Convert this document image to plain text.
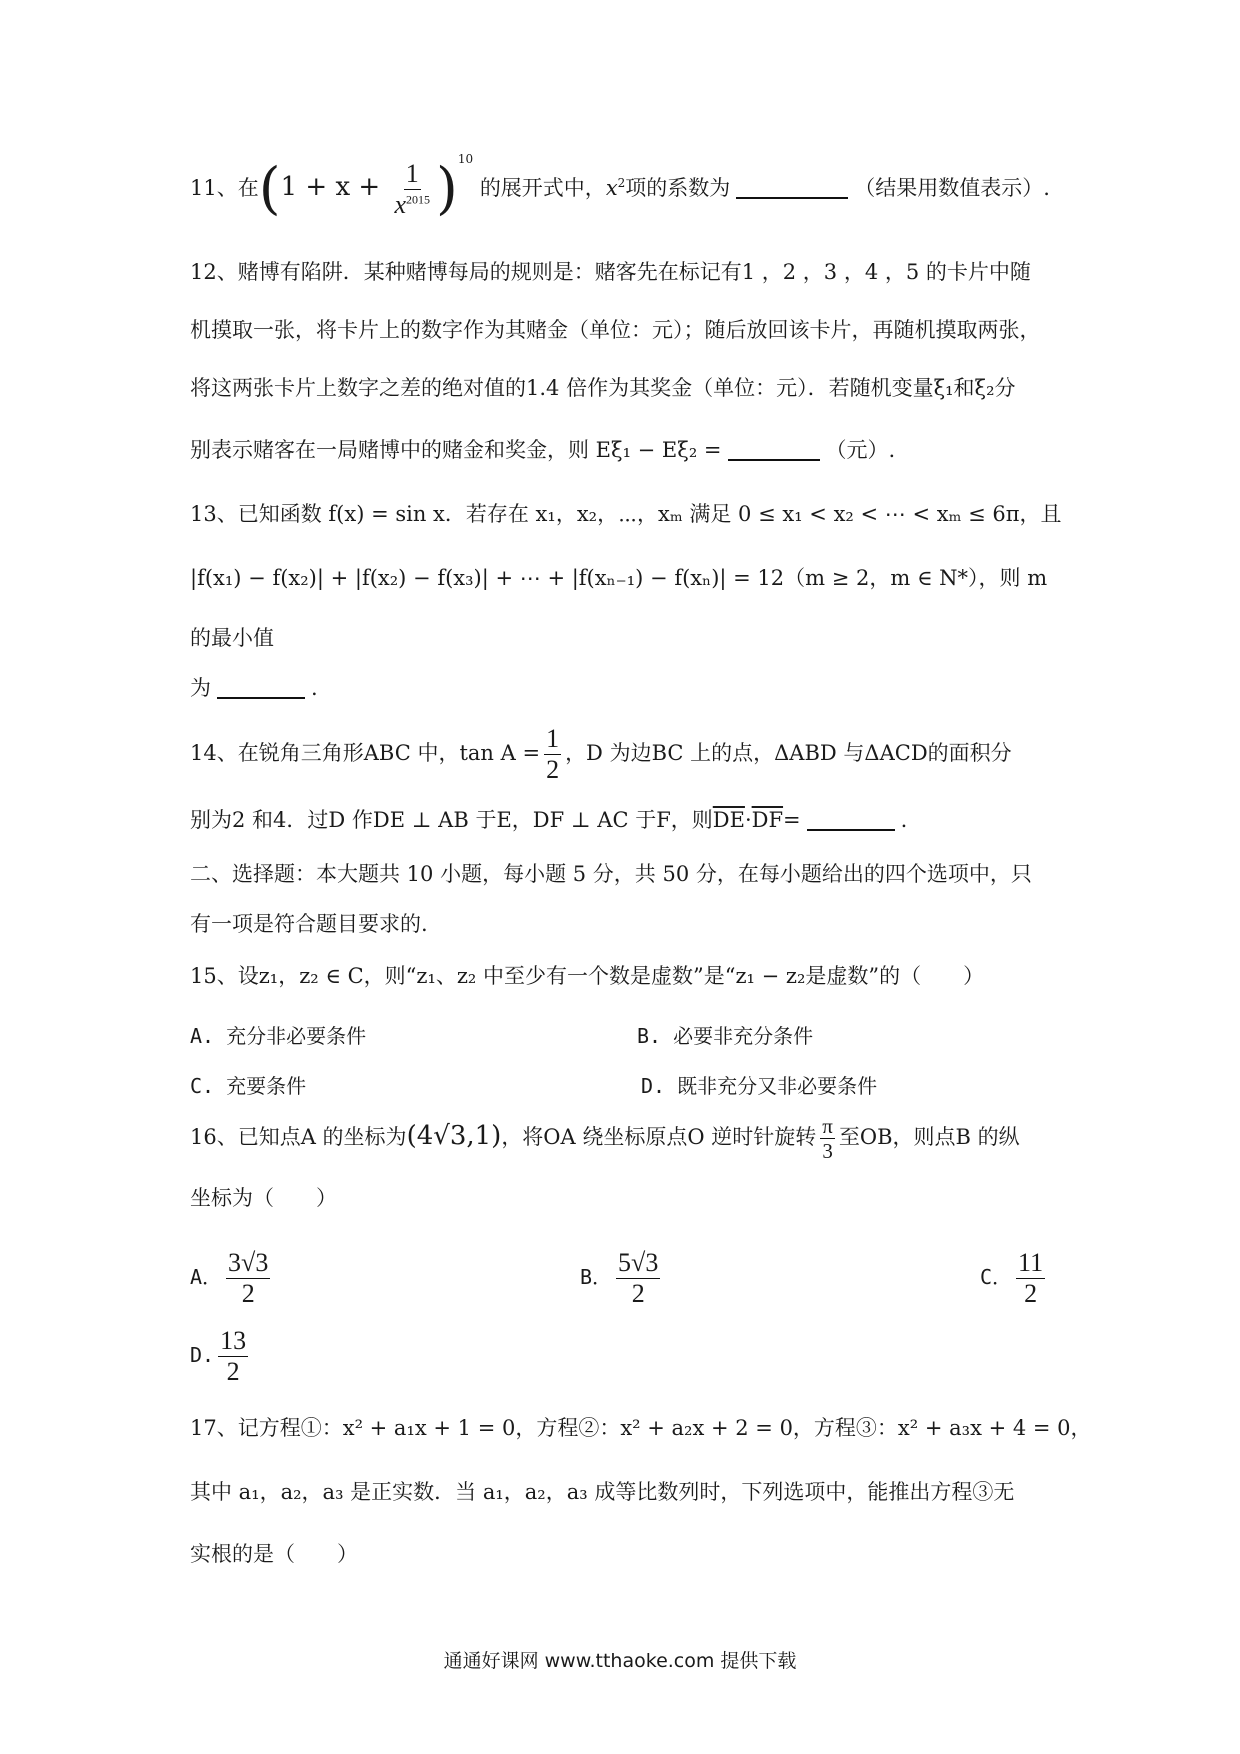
11、在$(1 + x + \frac{1}{x^{2015}} )^{10}$ 的展开式中，$x^2$项的系数为	（结果用数值表示）.
12、赌博有陷阱．某种赌博每局的规则是：赌客先在标记有1 ，2 ，3 ，4 ，5 的卡片中随
机摸取一张，将卡片上的数字作为其赌金（单位：元）；随后放回该卡片，再随机摸取两张，
将这两张卡片上数字之差的绝对值的1.4 倍作为其奖金（单位：元）．若随机变量ξ₁和ξ₂分
别表示赌客在一局赌博中的赌金和奖金，则 Eξ₁ − Eξ₂ =	（元）.
13、已知函数 f(x) = sin x．若存在 x₁，x₂，⋯，xₘ 满足 0 ≤ x₁ < x₂ < ⋯ < xₘ ≤ 6π，且
|f(x₁) − f(x₂)| + |f(x₂) − f(x₃)| + ⋯ + |f(xₙ₋₁) − f(xₙ)| = 12（m ≥ 2，m ∈ N*），则 m
的最小值
为	.
14、在锐角三角形ABC 中，$\tan A = \frac{1}{2}$ ，D 为边BC 上的点，ΔABD 与ΔACD的面积分
别为2 和4．过D 作DE ⊥ AB 于E，DF ⊥ AC 于F，则$\overline{DE}\cdot\overline{DF}=$	.
二、选择题：本大题共 10 小题，每小题 5 分，共 50 分，在每小题给出的四个选项中，只
有一项是符合题目要求的.
15、设z₁，z₂ ∈ C，则“z₁、z₂ 中至少有一个数是虚数”是“z₁ − z₂是虚数”的（　　）
A. 充分非必要条件	B. 必要非充分条件
C. 充要条件	D. 既非充分又非必要条件
16、已知点A 的坐标为(4√3,1)，将OA 绕坐标原点O 逆时针旋转 $\frac{\pi}{3}$ 至OB，则点B 的纵
坐标为（　　）
A． $\frac{3√3}{2}$	B． $\frac{5√3}{2}$	C． $\frac{11}{2}$
D. $\frac{13}{2}$
17、记方程①：x² + a₁x + 1 = 0，方程②：x² + a₂x + 2 = 0，方程③：x² + a₃x + 4 = 0，
其中 a₁，a₂，a₃ 是正实数．当 a₁，a₂，a₃ 成等比数列时，下列选项中，能推出方程③无
实根的是（　　）
通通好课网 www.tthaoke.com 提供下载
